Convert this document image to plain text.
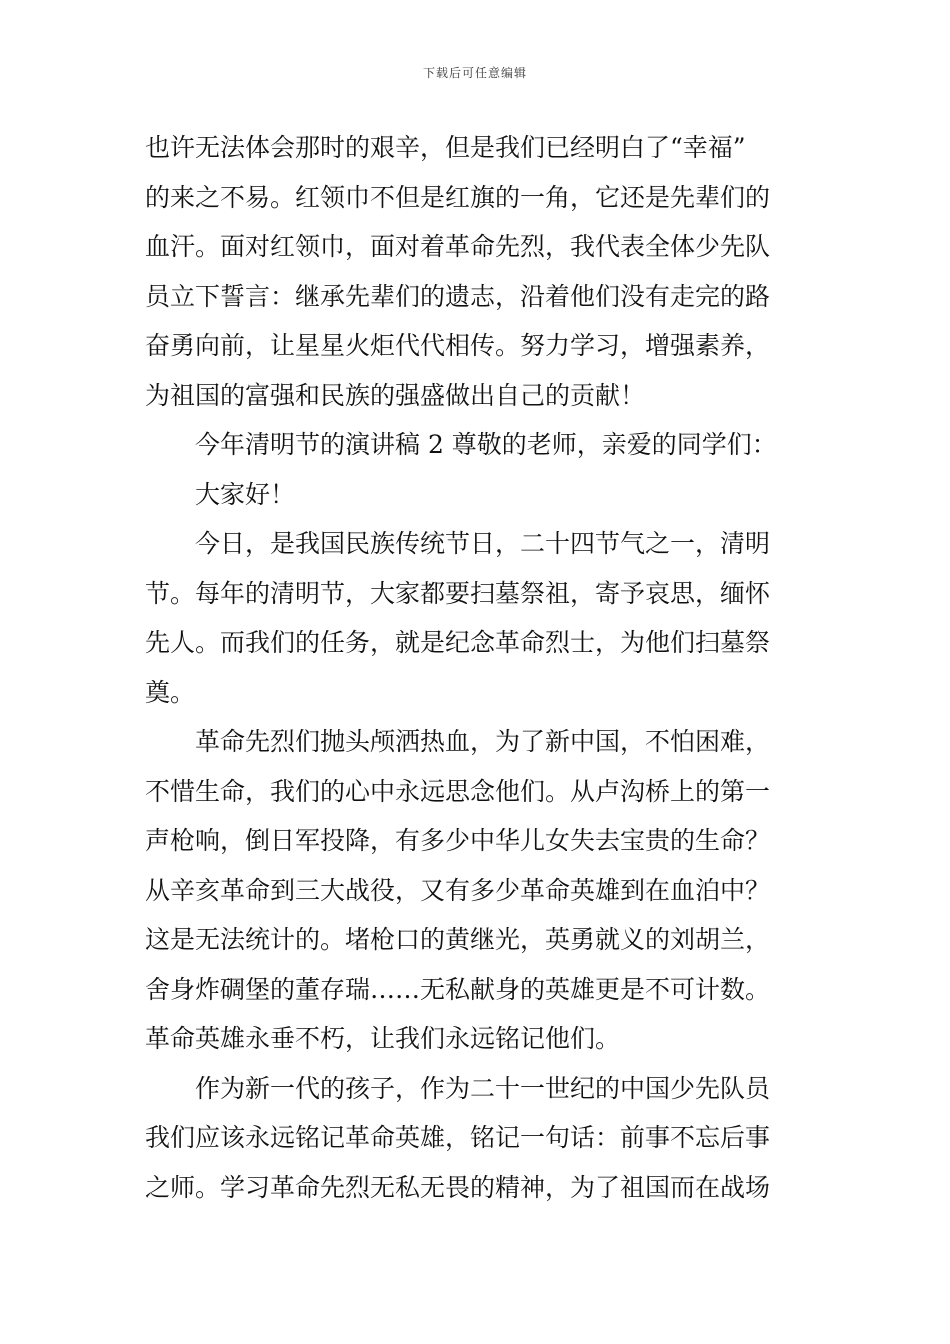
下载后可任意编辑
也许无法体会那时的艰辛，但是我们已经明白了“幸福”
的来之不易。红领巾不但是红旗的一角，它还是先辈们的
血汗。面对红领巾，面对着革命先烈，我代表全体少先队
员立下誓言：继承先辈们的遗志，沿着他们没有走完的路
奋勇向前，让星星火炬代代相传。努力学习，增强素养，
为祖国的富强和民族的强盛做出自己的贡献！
今年清明节的演讲稿 2 尊敬的老师，亲爱的同学们：
大家好！
今日，是我国民族传统节日，二十四节气之一，清明
节。每年的清明节，大家都要扫墓祭祖，寄予哀思，缅怀
先人。而我们的任务，就是纪念革命烈士，为他们扫墓祭
奠。
革命先烈们抛头颅洒热血，为了新中国，不怕困难，
不惜生命，我们的心中永远思念他们。从卢沟桥上的第一
声枪响，倒日军投降，有多少中华儿女失去宝贵的生命？
从辛亥革命到三大战役，又有多少革命英雄到在血泊中？
这是无法统计的。堵枪口的黄继光，英勇就义的刘胡兰，
舍身炸碉堡的董存瑞……无私献身的英雄更是不可计数。
革命英雄永垂不朽，让我们永远铭记他们。
作为新一代的孩子，作为二十一世纪的中国少先队员
我们应该永远铭记革命英雄，铭记一句话：前事不忘后事
之师。学习革命先烈无私无畏的精神，为了祖国而在战场
